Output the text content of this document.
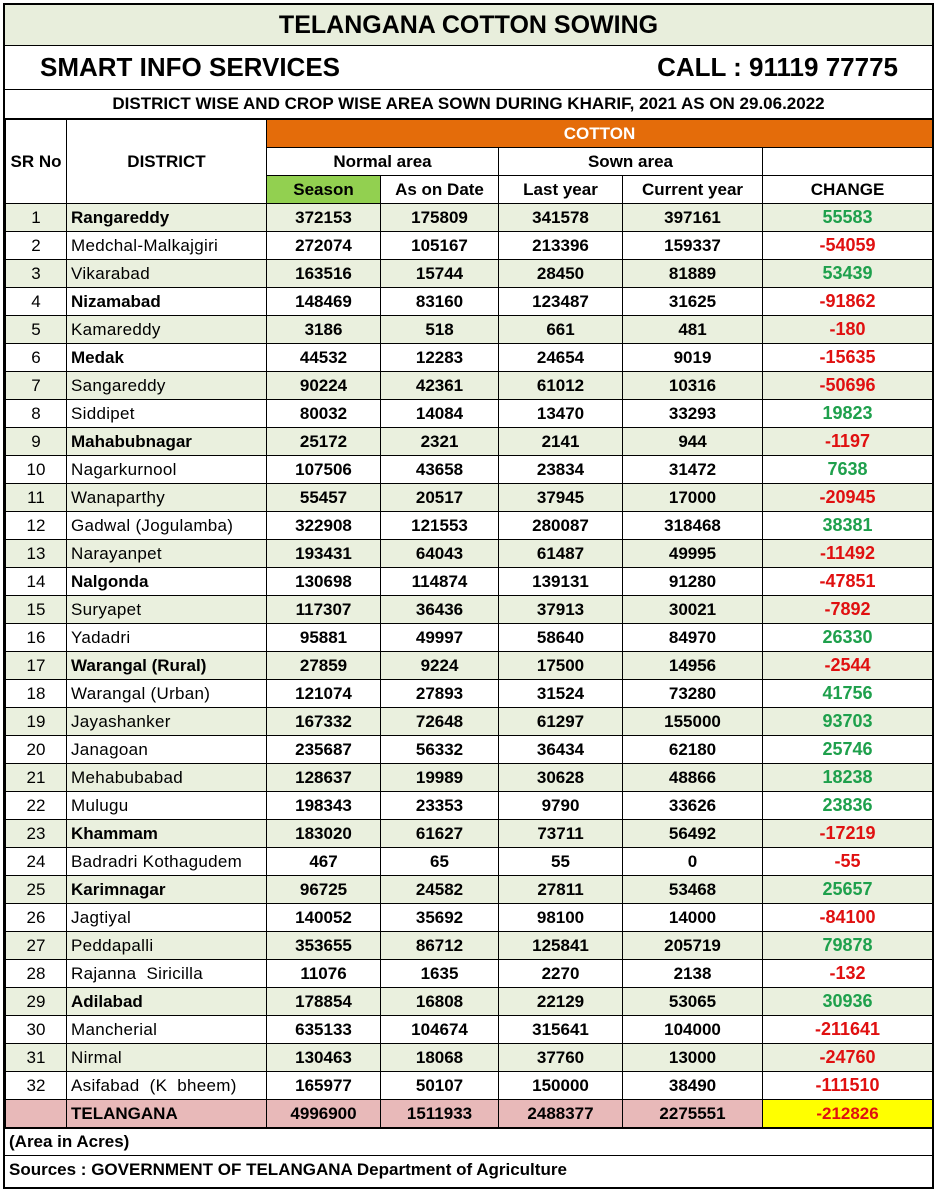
TELANGANA COTTON SOWING
SMART INFO SERVICES	CALL : 91119 77775
DISTRICT WISE AND CROP WISE AREA SOWN DURING KHARIF, 2021 AS ON 29.06.2022
SR No	DISTRICT	COTTON				
		Normal area		Sown area		
		Season	As on Date	Last year	Current year	CHANGE
1	Rangareddy	372153	175809	341578	397161	55583
2	Medchal-Malkajgiri	272074	105167	213396	159337	-54059
3	Vikarabad	163516	15744	28450	81889	53439
4	Nizamabad	148469	83160	123487	31625	-91862
5	Kamareddy	3186	518	661	481	-180
6	Medak	44532	12283	24654	9019	-15635
7	Sangareddy	90224	42361	61012	10316	-50696
8	Siddipet	80032	14084	13470	33293	19823
9	Mahabubnagar	25172	2321	2141	944	-1197
10	Nagarkurnool	107506	43658	23834	31472	7638
11	Wanaparthy	55457	20517	37945	17000	-20945
12	Gadwal (Jogulamba)	322908	121553	280087	318468	38381
13	Narayanpet	193431	64043	61487	49995	-11492
14	Nalgonda	130698	114874	139131	91280	-47851
15	Suryapet	117307	36436	37913	30021	-7892
16	Yadadri	95881	49997	58640	84970	26330
17	Warangal (Rural)	27859	9224	17500	14956	-2544
18	Warangal (Urban)	121074	27893	31524	73280	41756
19	Jayashanker	167332	72648	61297	155000	93703
20	Janagoan	235687	56332	36434	62180	25746
21	Mehabubabad	128637	19989	30628	48866	18238
22	Mulugu	198343	23353	9790	33626	23836
23	Khammam	183020	61627	73711	56492	-17219
24	Badradri Kothagudem	467	65	55	0	-55
25	Karimnagar	96725	24582	27811	53468	25657
26	Jagtiyal	140052	35692	98100	14000	-84100
27	Peddapalli	353655	86712	125841	205719	79878
28	Rajanna  Siricilla	11076	1635	2270	2138	-132
29	Adilabad	178854	16808	22129	53065	30936
30	Mancherial	635133	104674	315641	104000	-211641
31	Nirmal	130463	18068	37760	13000	-24760
32	Asifabad  (K  bheem)	165977	50107	150000	38490	-111510
	TELANGANA	4996900	1511933	2488377	2275551	-212826
(Area in Acres)
Sources : GOVERNMENT OF TELANGANA Department of Agriculture
